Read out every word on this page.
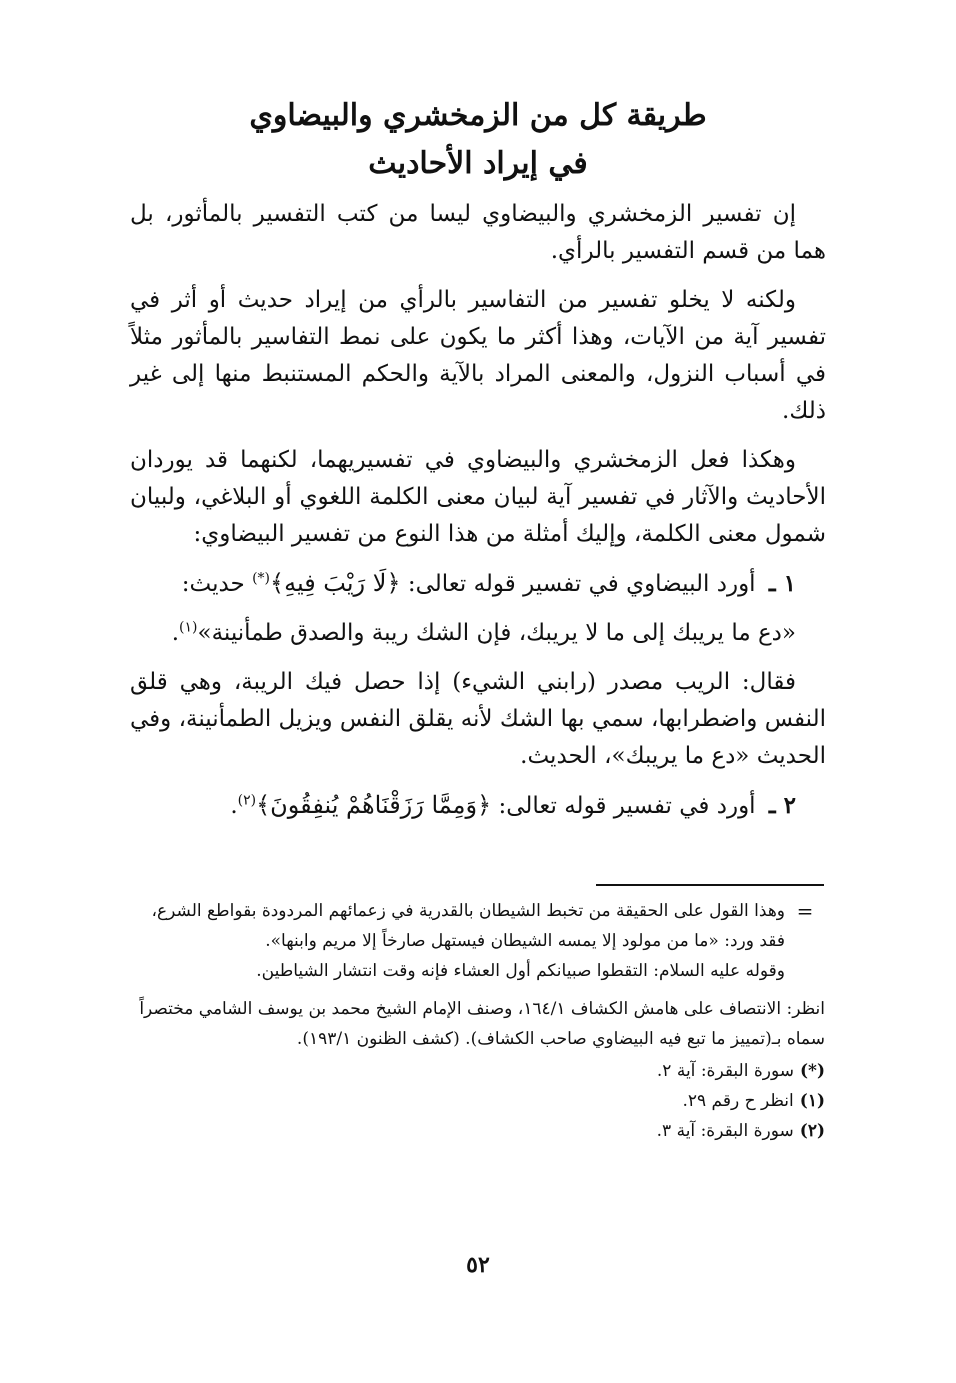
طريقة كل من الزمخشري والبيضاوي
في إيراد الأحاديث

إن تفسير الزمخشري والبيضاوي ليسا من كتب التفسير بالمأثور، بل هما من قسم التفسير بالرأي.

ولكنه لا يخلو تفسير من التفاسير بالرأي من إيراد حديث أو أثر في تفسير آية من الآيات، وهذا أكثر ما يكون على نمط التفاسير بالمأثور مثلاً في أسباب النزول، والمعنى المراد بالآية والحكم المستنبط منها إلى غير ذلك.

وهكذا فعل الزمخشري والبيضاوي في تفسيريهما، لكنهما قد يوردان الأحاديث والآثار في تفسير آية لبيان معنى الكلمة اللغوي أو البلاغي، ولبيان شمول معنى الكلمة، وإليك أمثلة من هذا النوع من تفسير البيضاوي:

١ ـ أورد البيضاوي في تفسير قوله تعالى: ﴿لَا رَيْبَ فِيهِ﴾(*) حديث:

«دع ما يريبك إلى ما لا يريبك، فإن الشك ريبة والصدق طمأنينة»$^{(١)}$.

فقال: الريب مصدر (رابني الشيء) إذا حصل فيك الريبة، وهي قلق النفس واضطرابها، سمي بها الشك لأنه يقلق النفس ويزيل الطمأنينة، وفي الحديث «دع ما يريبك»، الحديث.

٢ ـ أورد في تفسير قوله تعالى: ﴿وَمِمَّا رَزَقْنَاهُمْ يُنفِقُونَ﴾$^{(٢)}$.

=

وهذا القول على الحقيقة من تخبط الشيطان بالقدرية في زعمائهم المردودة بقواطع الشرع،

فقد ورد: «ما من مولود إلا يمسه الشيطان فيستهل صارخاً إلا مريم وابنها».

وقوله عليه السلام: التقطوا صبيانكم أول العشاء فإنه وقت انتشار الشياطين.

انظر: الانتصاف على هامش الكشاف ١٦٤/١، وصنف الإمام الشيخ محمد بن يوسف الشامي مختصراً سماه بـ(تمييز ما تبع فيه البيضاوي صاحب الكشاف). (كشف الظنون ١٩٣/١).

(*)سورة البقرة: آية ٢.

(١)انظر ح رقم ٢٩.

(٢)سورة البقرة: آية ٣.

٥٢
